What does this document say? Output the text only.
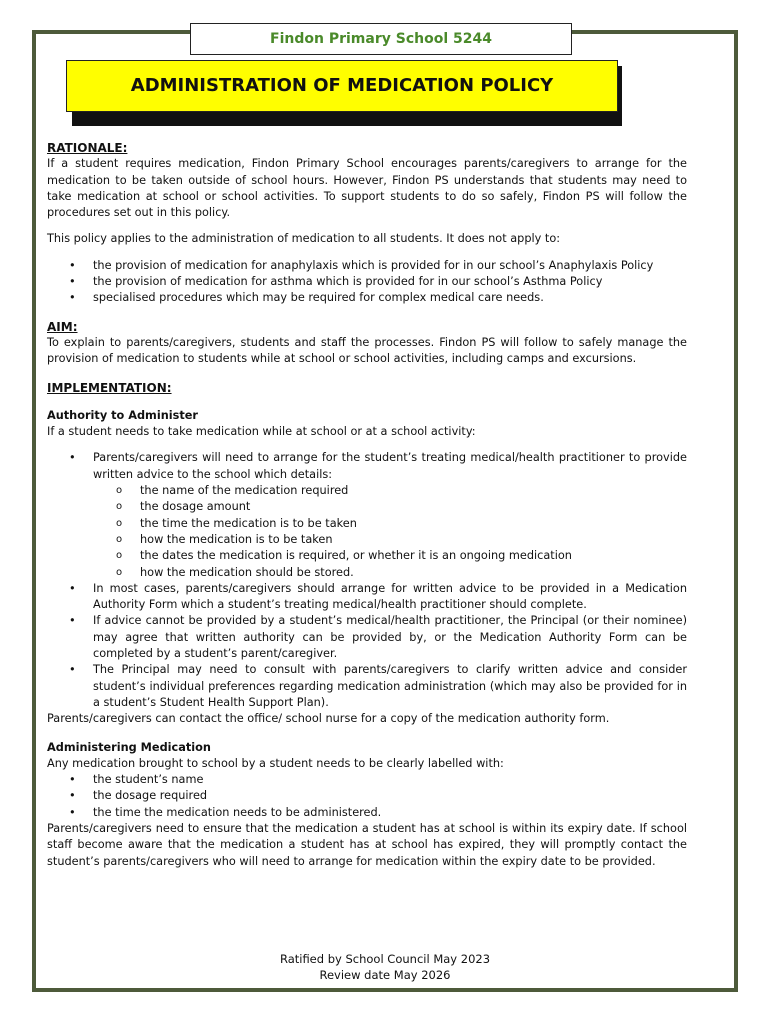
Findon Primary School 5244
ADMINISTRATION OF MEDICATION POLICY
RATIONALE:

If a student requires medication, Findon Primary School encourages parents/caregivers to arrange for the medication to be taken outside of school hours. However, Findon PS understands that students may need to take medication at school or school activities. To support students to do so safely, Findon PS will follow the procedures set out in this policy.

This policy applies to the administration of medication to all students. It does not apply to:

• the provision of medication for anaphylaxis which is provided for in our school’s Anaphylaxis Policy
• the provision of medication for asthma which is provided for in our school’s Asthma Policy
• specialised procedures which may be required for complex medical care needs.
AIM:

To explain to parents/caregivers, students and staff the processes. Findon PS will follow to safely manage the provision of medication to students while at school or school activities, including camps and excursions.

IMPLEMENTATION:
Authority to Administer

If a student needs to take medication while at school or at a school activity:

• Parents/caregivers will need to arrange for the student’s treating medical/health practitioner to provide written advice to the school which details:
o the name of the medication required
o the dosage amount
o the time the medication is to be taken
o how the medication is to be taken
o the dates the medication is required, or whether it is an ongoing medication
o how the medication should be stored.
• In most cases, parents/caregivers should arrange for written advice to be provided in a Medication Authority Form which a student’s treating medical/health practitioner should complete.
• If advice cannot be provided by a student’s medical/health practitioner, the Principal (or their nominee) may agree that written authority can be provided by, or the Medication Authority Form can be completed by a student’s parent/caregiver.
• The Principal may need to consult with parents/caregivers to clarify written advice and consider student’s individual preferences regarding medication administration (which may also be provided for in a student’s Student Health Support Plan).

Parents/caregivers can contact the office/ school nurse for a copy of the medication authority form.

Administering Medication

Any medication brought to school by a student needs to be clearly labelled with:

• the student’s name
• the dosage required
• the time the medication needs to be administered.

Parents/caregivers need to ensure that the medication a student has at school is within its expiry date. If school staff become aware that the medication a student has at school has expired, they will promptly contact the student’s parents/caregivers who will need to arrange for medication within the expiry date to be provided.

Ratified by School Council May 2023
Review date May 2026
